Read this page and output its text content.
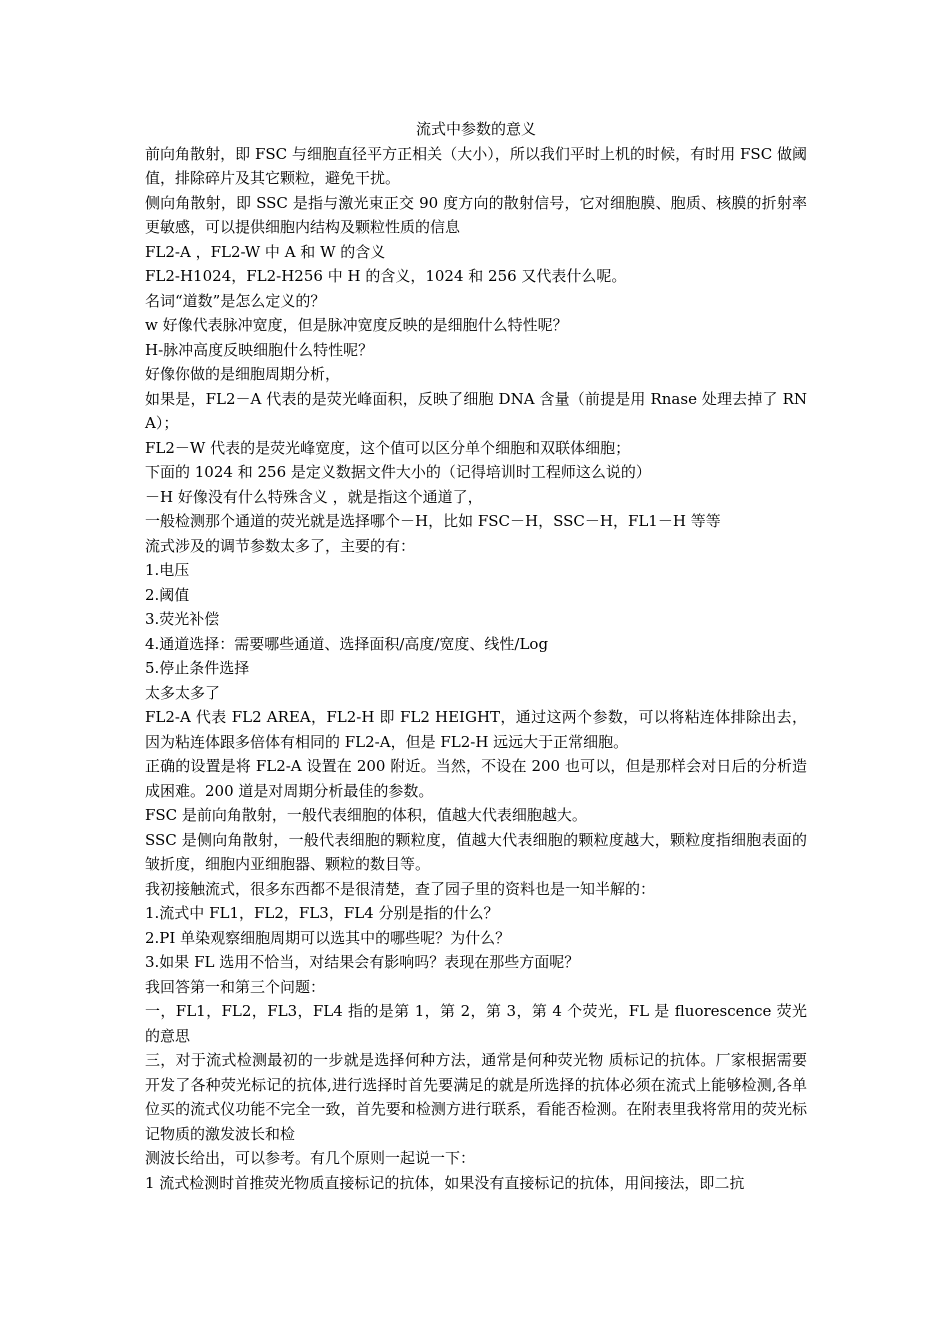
流式中参数的意义

前向角散射，即 FSC 与细胞直径平方正相关（大小），所以我们平时上机的时候，有时用 FSC 做阈值，排除碎片及其它颗粒，避免干扰。

侧向角散射，即 SSC 是指与激光束正交 90 度方向的散射信号，它对细胞膜、胞质、核膜的折射率更敏感，可以提供细胞内结构及颗粒性质的信息

FL2-A ，FL2-W 中 A 和 W 的含义

FL2-H1024，FL2-H256 中 H 的含义，1024 和 256 又代表什么呢。

名词“道数”是怎么定义的？

w 好像代表脉冲宽度，但是脉冲宽度反映的是细胞什么特性呢？

H-脉冲高度反映细胞什么特性呢？

好像你做的是细胞周期分析，

如果是，FL2－A 代表的是荧光峰面积，反映了细胞 DNA 含量（前提是用 Rnase 处理去掉了 RNA）；

FL2－W 代表的是荧光峰宽度，这个值可以区分单个细胞和双联体细胞；

下面的 1024 和 256 是定义数据文件大小的（记得培训时工程师这么说的）

－H 好像没有什么特殊含义 ，就是指这个通道了，

一般检测那个通道的荧光就是选择哪个－H，比如 FSC－H，SSC－H，FL1－H 等等

流式涉及的调节参数太多了，主要的有：

1.电压

2.阈值

3.荧光补偿

4.通道选择：需要哪些通道、选择面积/高度/宽度、线性/Log

5.停止条件选择

太多太多了

FL2-A 代表 FL2 AREA，FL2-H 即 FL2 HEIGHT，通过这两个参数，可以将粘连体排除出去，因为粘连体跟多倍体有相同的 FL2-A，但是 FL2-H 远远大于正常细胞。

正确的设置是将 FL2-A 设置在 200 附近。当然，不设在 200 也可以，但是那样会对日后的分析造成困难。200 道是对周期分析最佳的参数。

FSC 是前向角散射，一般代表细胞的体积，值越大代表细胞越大。

SSC 是侧向角散射，一般代表细胞的颗粒度，值越大代表细胞的颗粒度越大，颗粒度指细胞表面的皱折度，细胞内亚细胞器、颗粒的数目等。

我初接触流式，很多东西都不是很清楚，查了园子里的资料也是一知半解的：

1.流式中 FL1，FL2，FL3，FL4 分别是指的什么？

2.PI 单染观察细胞周期可以选其中的哪些呢？为什么？

3.如果 FL 选用不恰当，对结果会有影响吗？表现在那些方面呢？

我回答第一和第三个问题：

一，FL1，FL2，FL3，FL4 指的是第 1，第 2，第 3，第 4 个荧光，FL 是 fluorescence 荧光的意思

三，对于流式检测最初的一步就是选择何种方法，通常是何种荧光物 质标记的抗体。厂家根据需要开发了各种荧光标记的抗体,进行选择时首先要满足的就是所选择的抗体必须在流式上能够检测,各单位买的流式仪功能不完全一致，首先要和检测方进行联系，看能否检测。在附表里我将常用的荧光标记物质的激发波长和检

测波长给出，可以参考。有几个原则一起说一下：

1 流式检测时首推荧光物质直接标记的抗体，如果没有直接标记的抗体，用间接法，即二抗
